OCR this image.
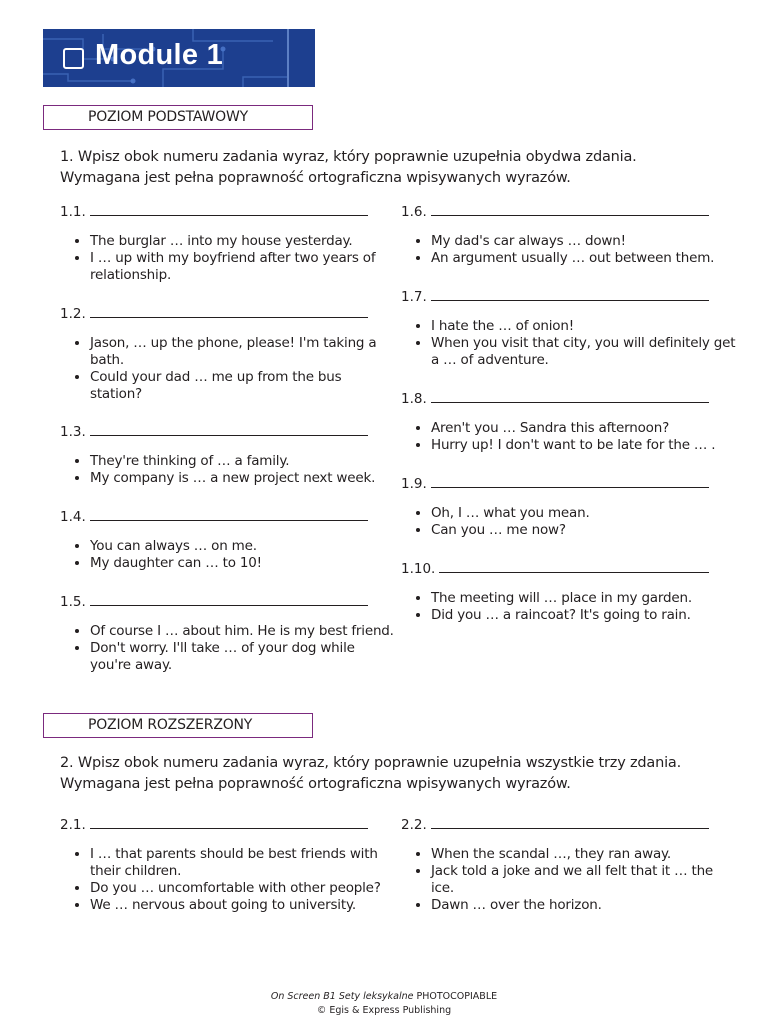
Module 1
POZIOM PODSTAWOWY
1. Wpisz obok numeru zadania wyraz, który poprawnie uzupełnia obydwa zdania.
Wymagana jest pełna poprawność ortograficzna wpisywanych wyrazów.
1.1.
• The burglar … into my house yesterday.
• I … up with my boyfriend after two years of relationship.
1.2.
• Jason, … up the phone, please! I'm taking a bath.
• Could your dad … me up from the bus station?
1.3.
• They're thinking of … a family.
• My company is … a new project next week.
1.4.
• You can always … on me.
• My daughter can … to 10!
1.5.
• Of course I … about him. He is my best friend.
• Don't worry. I'll take … of your dog while you're away.
1.6.
• My dad's car always … down!
• An argument usually … out between them.
1.7.
• I hate the … of onion!
• When you visit that city, you will definitely get a … of adventure.
1.8.
• Aren't you … Sandra this afternoon?
• Hurry up! I don't want to be late for the … .
1.9.
• Oh, I … what you mean.
• Can you … me now?
1.10.
• The meeting will … place in my garden.
• Did you … a raincoat? It's going to rain.
POZIOM ROZSZERZONY
2. Wpisz obok numeru zadania wyraz, który poprawnie uzupełnia wszystkie trzy zdania.
Wymagana jest pełna poprawność ortograficzna wpisywanych wyrazów.
2.1.
• I … that parents should be best friends with their children.
• Do you … uncomfortable with other people?
• We … nervous about going to university.
2.2.
• When the scandal …, they ran away.
• Jack told a joke and we all felt that it … the ice.
• Dawn … over the horizon.
On Screen B1 Sety leksykalne PHOTOCOPIABLE
© Egis & Express Publishing
